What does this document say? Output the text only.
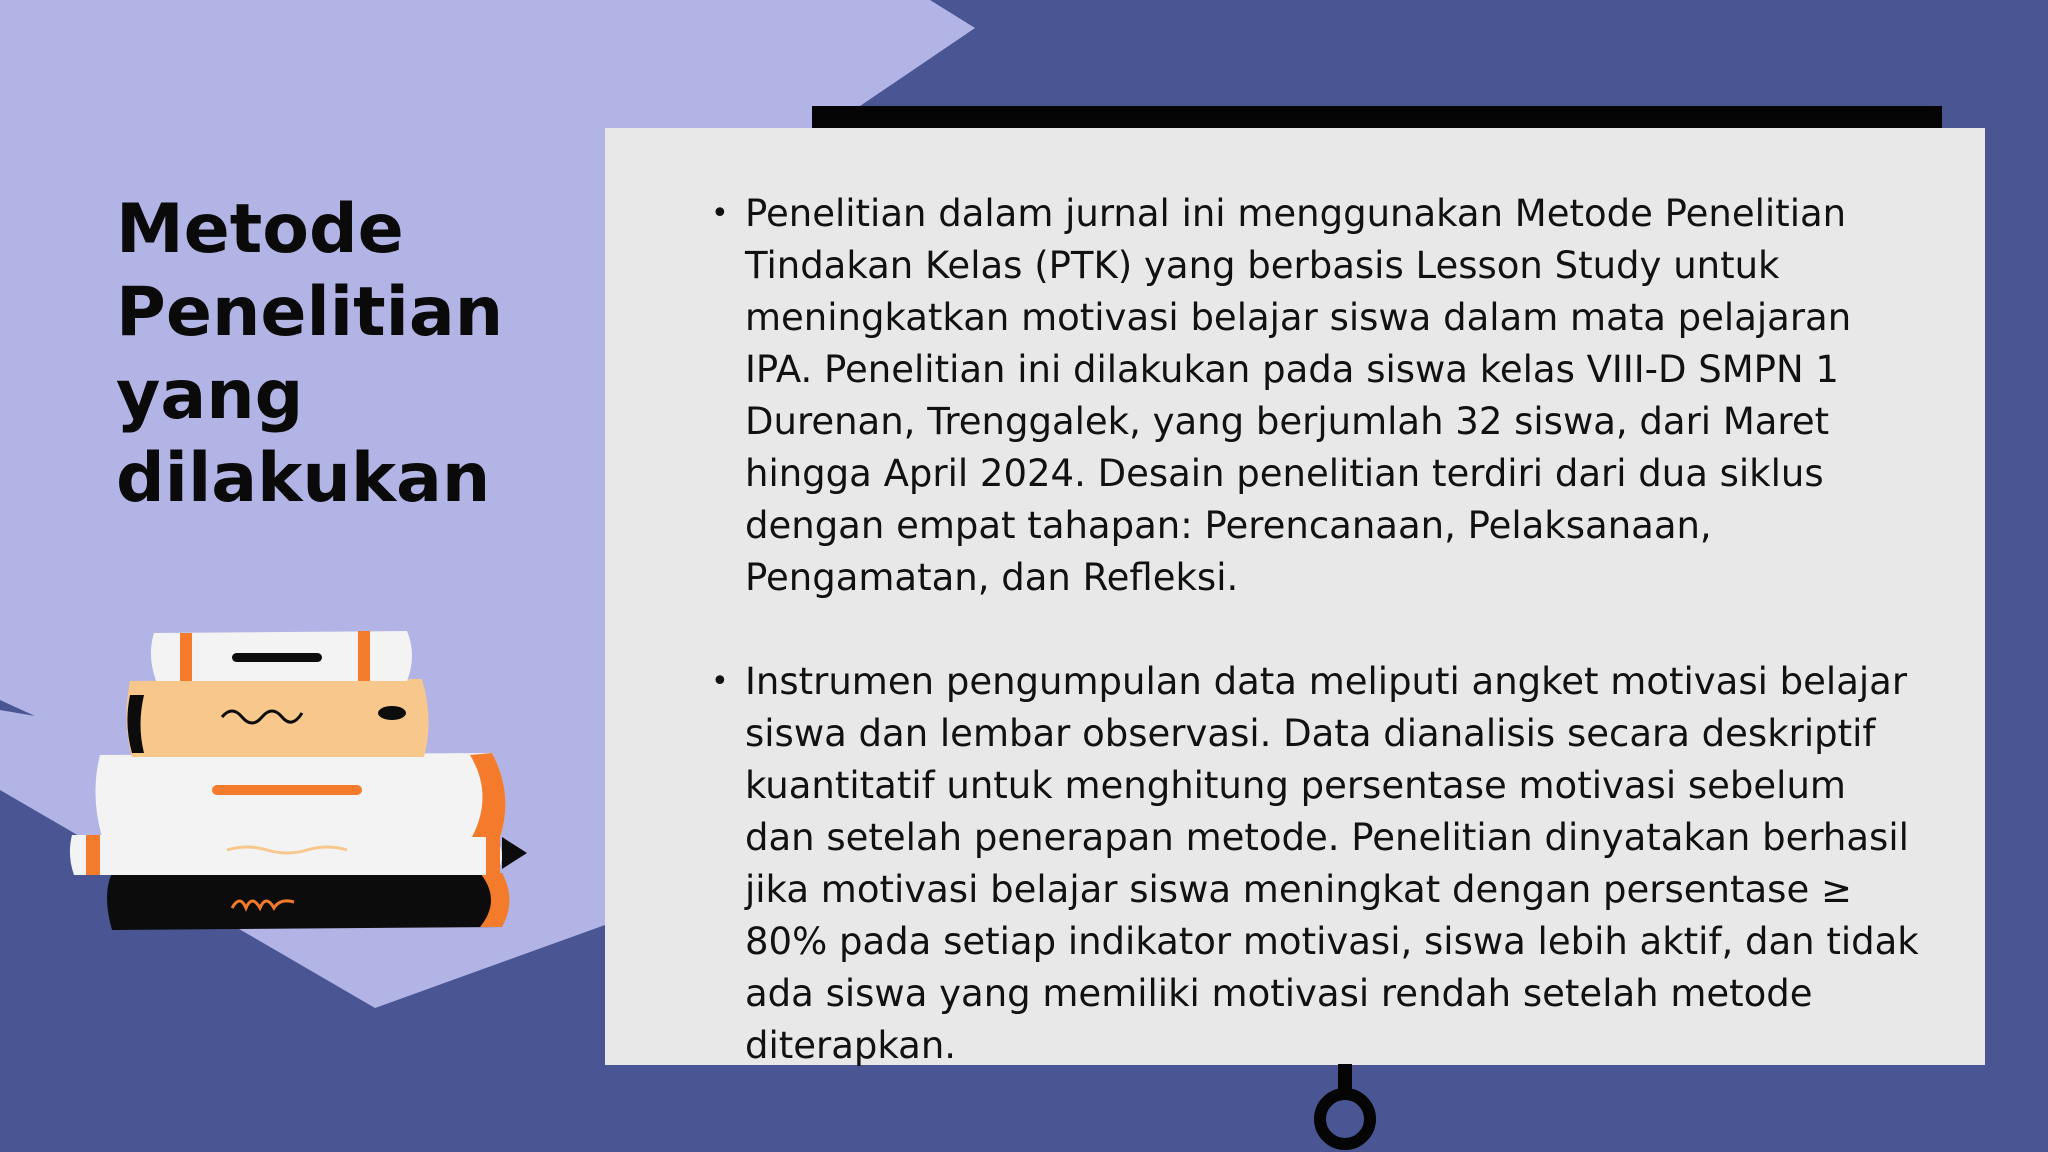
Metode Penelitian yang dilakukan
• Penelitian dalam jurnal ini menggunakan Metode Penelitian Tindakan Kelas (PTK) yang berbasis Lesson Study untuk meningkatkan motivasi belajar siswa dalam mata pelajaran IPA. Penelitian ini dilakukan pada siswa kelas VIII-D SMPN 1 Durenan, Trenggalek, yang berjumlah 32 siswa, dari Maret hingga April 2024. Desain penelitian terdiri dari dua siklus dengan empat tahapan: Perencanaan, Pelaksanaan, Pengamatan, dan Refleksi.
• Instrumen pengumpulan data meliputi angket motivasi belajar siswa dan lembar observasi. Data dianalisis secara deskriptif kuantitatif untuk menghitung persentase motivasi sebelum dan setelah penerapan metode. Penelitian dinyatakan berhasil jika motivasi belajar siswa meningkat dengan persentase ≥ 80% pada setiap indikator motivasi, siswa lebih aktif, dan tidak ada siswa yang memiliki motivasi rendah setelah metode diterapkan.
